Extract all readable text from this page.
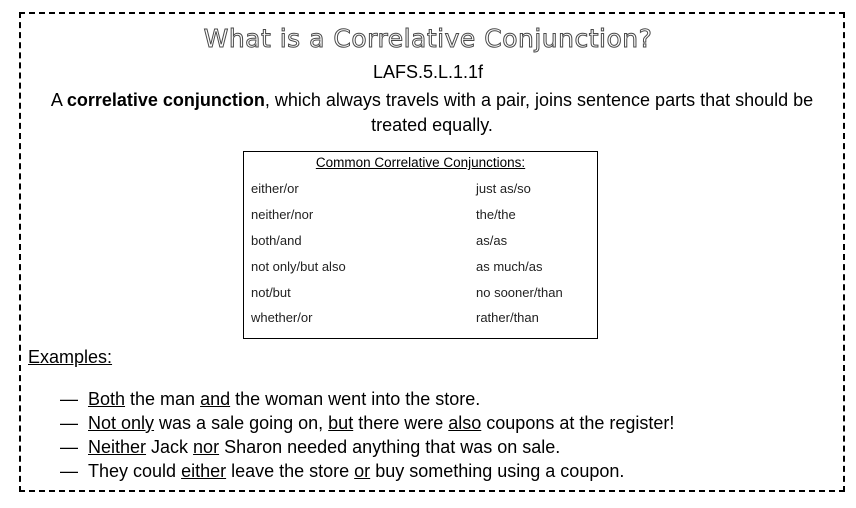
What is a Correlative Conjunction?
LAFS.5.L.1.1f
A correlative conjunction, which always travels with a pair, joins sentence parts that should be treated equally.
Common Correlative Conjunctions:
either/or
neither/nor
both/and
not only/but also
not/but
whether/or
just as/so
the/the
as/as
as much/as
no sooner/than
rather/than
Examples:
— Both the man and the woman went into the store.
— Not only was a sale going on, but there were also coupons at the register!
— Neither Jack nor Sharon needed anything that was on sale.
— They could either leave the store or buy something using a coupon.
